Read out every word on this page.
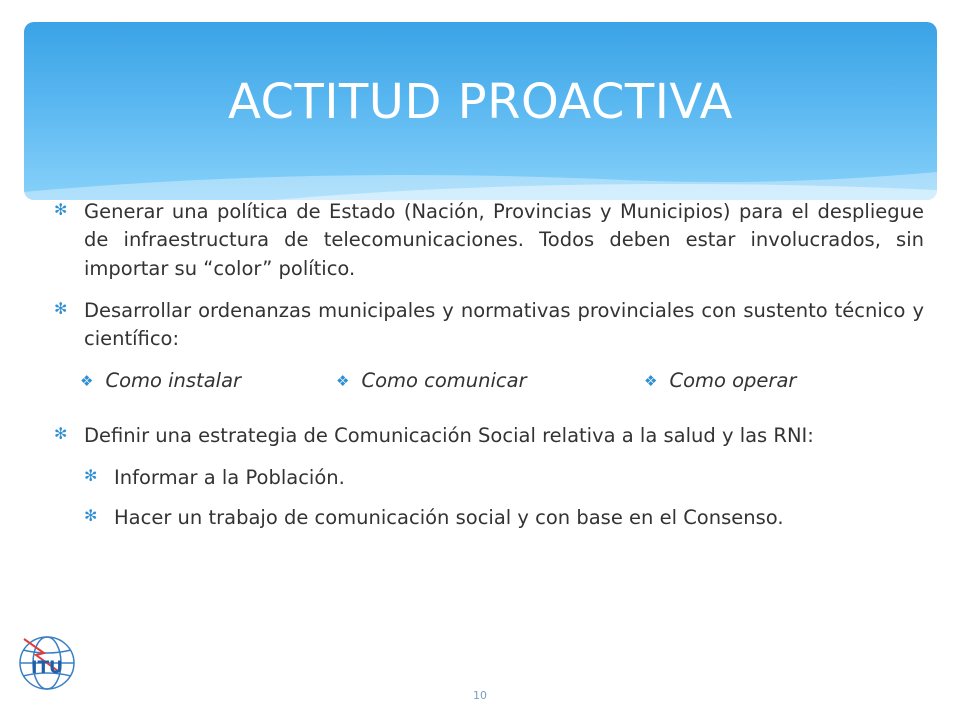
ACTITUD PROACTIVA
✻ Generar una política de Estado (Nación, Provincias y Municipios) para el despliegue de infraestructura de telecomunicaciones. Todos deben estar involucrados, sin importar su “color” político.
✻ Desarrollar ordenanzas municipales y normativas provinciales con sustento técnico y científico:
❖ Como instalar	❖ Como comunicar	❖ Como operar
✻ Definir una estrategia de Comunicación Social relativa a la salud y las RNI:
✻ Informar a la Población.
✻ Hacer un trabajo de comunicación social y con base en el Consenso.
ITU
10
